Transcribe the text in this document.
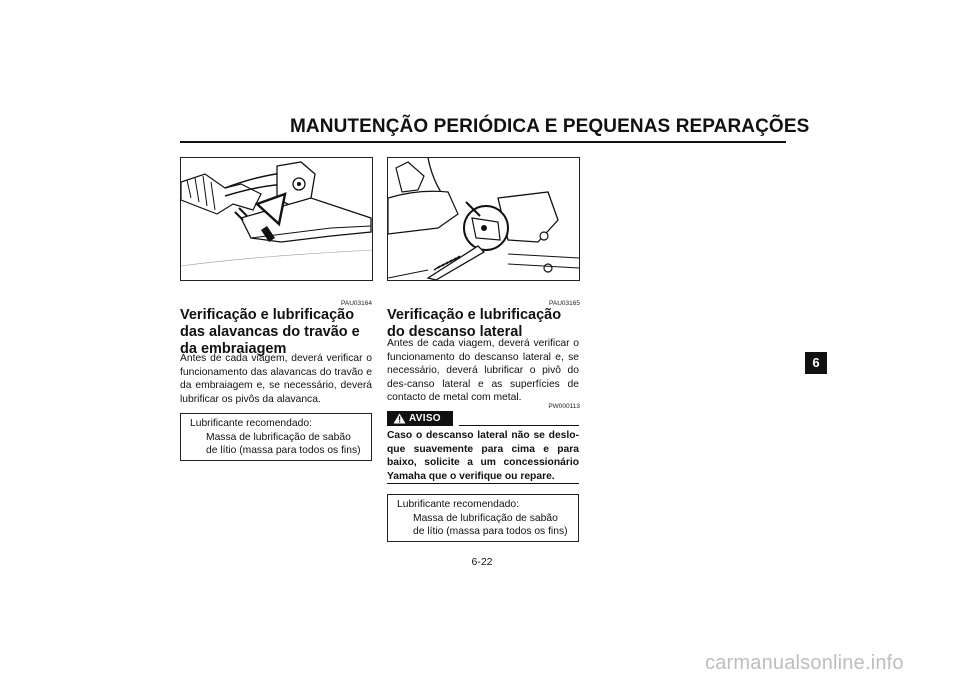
MANUTENÇÃO PERIÓDICA E PEQUENAS REPARAÇÕES
PAU03164
Verificação e lubrificação das alavancas do travão e da embraiagem
Antes de cada viagem, deverá verificar o funcionamento das alavancas do travão e da embraiagem e, se necessário, deverá lubrificar os pivôs da alavanca.
Lubrificante recomendado:
Massa de lubrificação de sabão de lítio (massa para todos os fins)
PAU03165
Verificação e lubrificação do descanso lateral
Antes de cada viagem, deverá verificar o funcionamento do descanso lateral e, se necessário, deverá lubrificar o pivô do des-canso lateral e as superfícies de contacto de metal com metal.
PW000113
AVISO
Caso o descanso lateral não se deslo-que suavemente para cima e para baixo, solicite a um concessionário Yamaha que o verifique ou repare.
Lubrificante recomendado:
Massa de lubrificação de sabão de lítio (massa para todos os fins)
6
6-22
carmanualsonline.info
